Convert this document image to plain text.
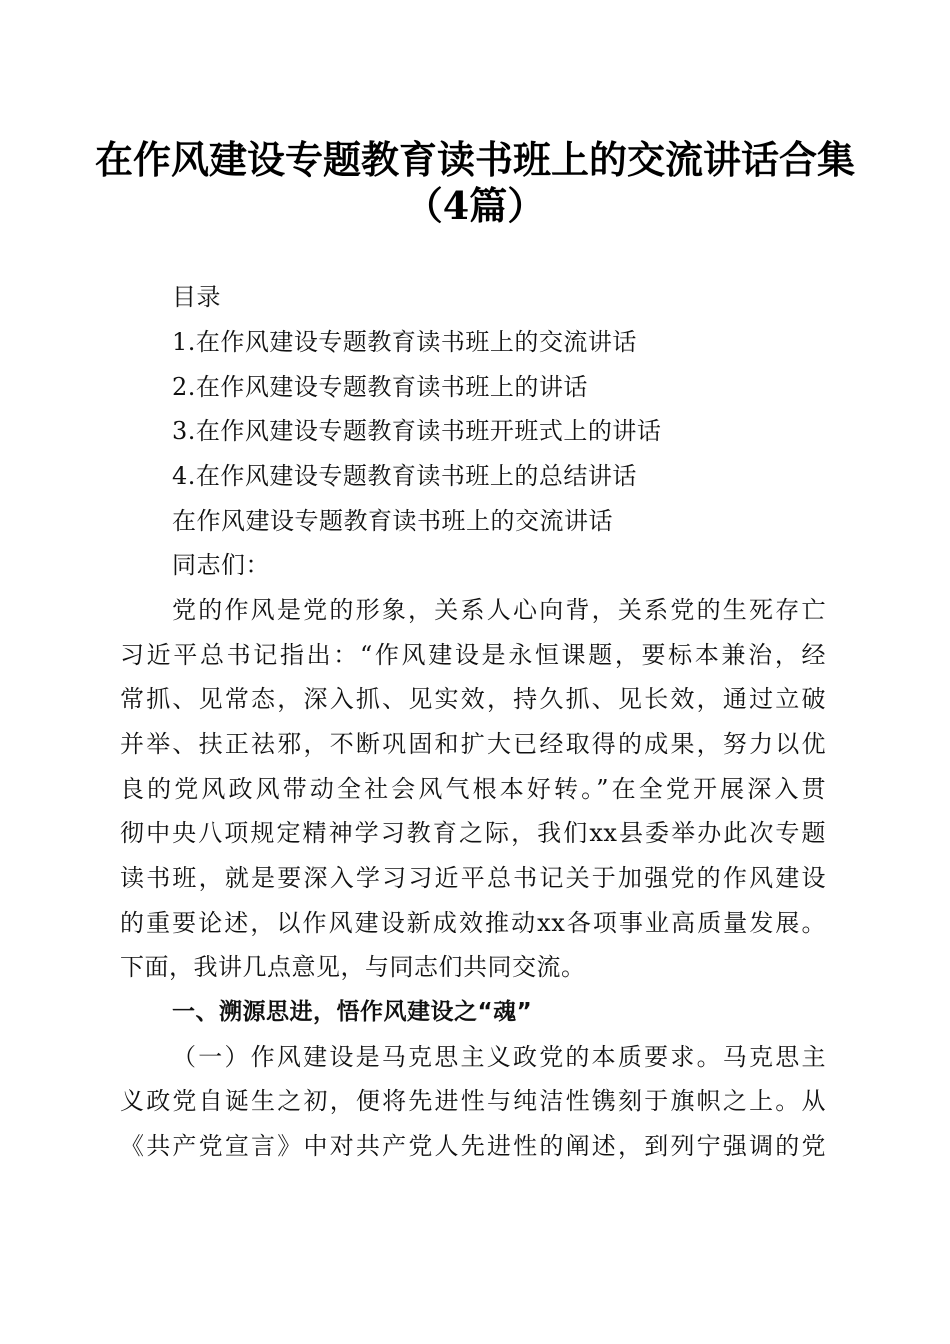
在作风建设专题教育读书班上的交流讲话合集
（4篇）
目录
1.在作风建设专题教育读书班上的交流讲话
2.在作风建设专题教育读书班上的讲话
3.在作风建设专题教育读书班开班式上的讲话
4.在作风建设专题教育读书班上的总结讲话
在作风建设专题教育读书班上的交流讲话
同志们：
党的作风是党的形象，关系人心向背，关系党的生死存亡
习近平总书记指出：“作风建设是永恒课题，要标本兼治，经
常抓、见常态，深入抓、见实效，持久抓、见长效，通过立破
并举、扶正祛邪，不断巩固和扩大已经取得的成果，努力以优
良的党风政风带动全社会风气根本好转。”在全党开展深入贯
彻中央八项规定精神学习教育之际，我们xx县委举办此次专题
读书班，就是要深入学习习近平总书记关于加强党的作风建设
的重要论述，以作风建设新成效推动xx各项事业高质量发展。
下面，我讲几点意见，与同志们共同交流。
一、溯源思进，悟作风建设之“魂”
（一）作风建设是马克思主义政党的本质要求。马克思主
义政党自诞生之初，便将先进性与纯洁性镌刻于旗帜之上。从
《共产党宣言》中对共产党人先进性的阐述，到列宁强调的党
